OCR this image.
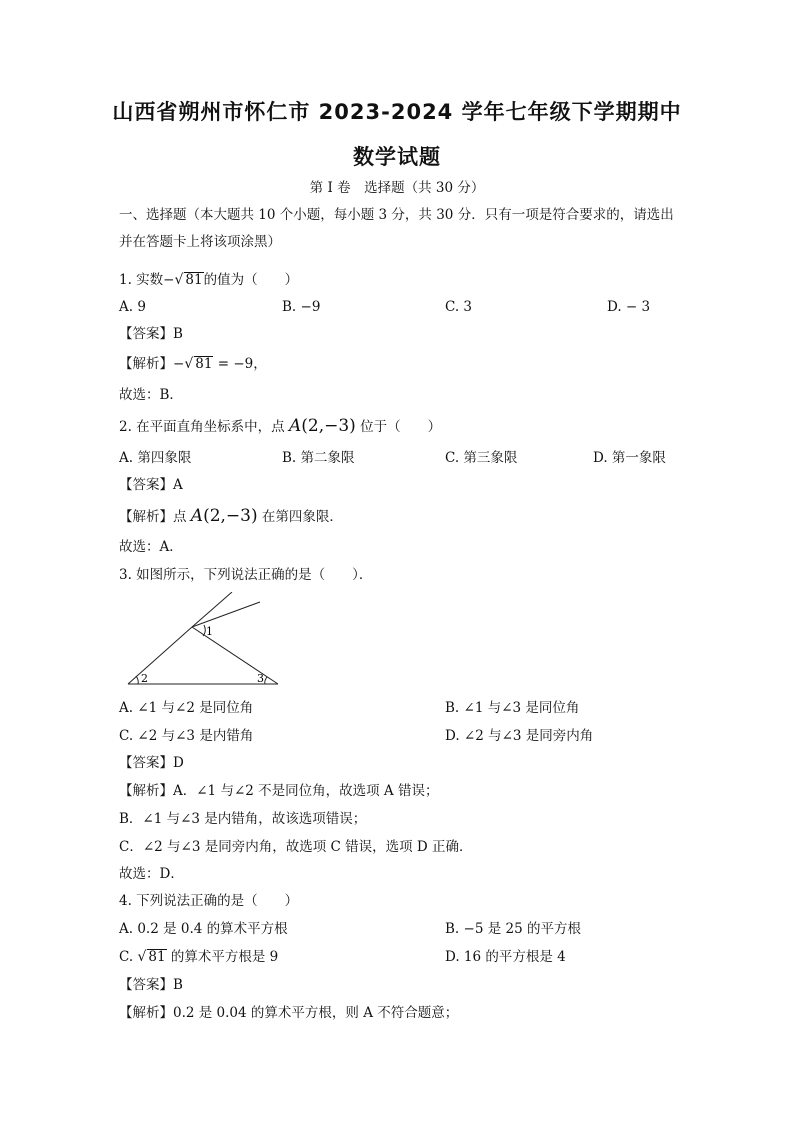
山西省朔州市怀仁市 2023-2024 学年七年级下学期期中
数学试题
第 I 卷　选择题（共 30 分）
一、选择题（本大题共 10 个小题，每小题 3 分，共 30 分．只有一项是符合要求的，请选出
并在答题卡上将该项涂黑）
1. 实数−√ 81的值为（　　）
A. 9	B. −9	C. 3	D. − 3
【答案】B
【解析】−√ 81 = −9，
故选：B．
2. 在平面直角坐标系中，点 A(2,−3) 位于（　　）
A. 第四象限	B. 第二象限	C. 第三象限	D. 第一象限
【答案】A
【解析】点 A(2,−3) 在第四象限．
故选：A．
3. 如图所示，下列说法正确的是（　　）．
1
2	3
A. ∠1 与∠2 是同位角	B. ∠1 与∠3 是同位角
C. ∠2 与∠3 是内错角	D. ∠2 与∠3 是同旁内角
【答案】D
【解析】A．∠1 与∠2 不是同位角，故选项 A 错误；
B．∠1 与∠3 是内错角，故该选项错误；
C．∠2 与∠3 是同旁内角，故选项 C 错误，选项 D 正确．
故选：D．
4. 下列说法正确的是（　　）
A. 0.2 是 0.4 的算术平方根	B. −5 是 25 的平方根
C. √ 81 的算术平方根是 9	D. 16 的平方根是 4
【答案】B
【解析】0.2 是 0.04 的算术平方根，则 A 不符合题意；
